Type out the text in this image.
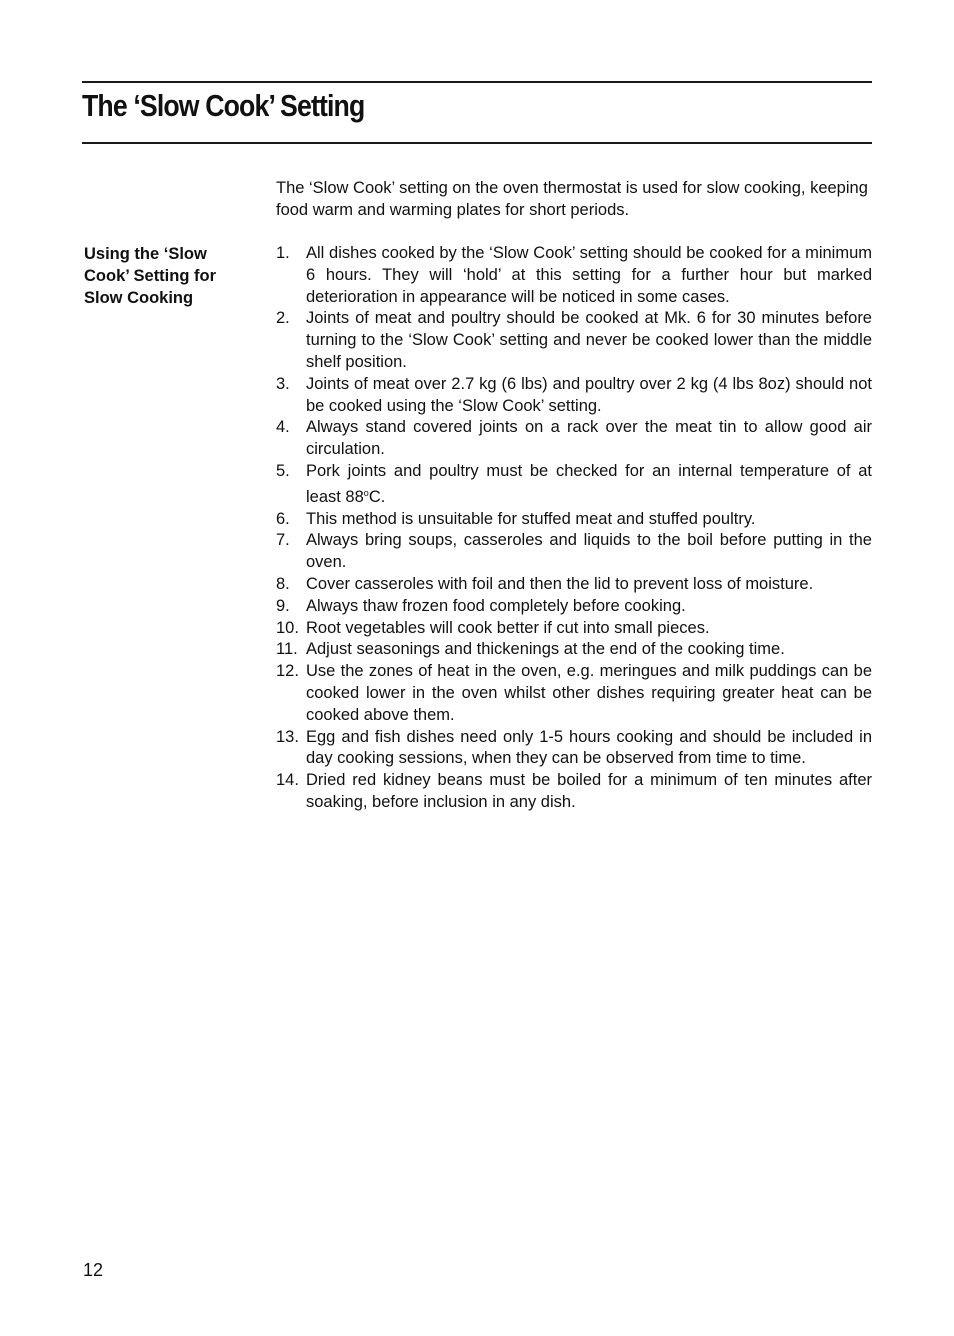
The ‘Slow Cook’ Setting

The ‘Slow Cook’ setting on the oven thermostat is used for slow cooking, keeping food warm and warming plates for short periods.

Using the ‘Slow Cook’ Setting for Slow Cooking

1. All dishes cooked by the ‘Slow Cook’ setting should be cooked for a minimum 6 hours. They will ‘hold’ at this setting for a further hour but marked deterioration in appearance will be noticed in some cases.
2. Joints of meat and poultry should be cooked at Mk. 6 for 30 minutes before turning to the ‘Slow Cook’ setting and never be cooked lower than the middle shelf position.
3. Joints of meat over 2.7 kg (6 lbs) and poultry over 2 kg (4 lbs 8oz) should not be cooked using the ‘Slow Cook’ setting.
4. Always stand covered joints on a rack over the meat tin to allow good air circulation.
5. Pork joints and poultry must be checked for an internal temperature of at least 88$^o$C.
6. This method is unsuitable for stuffed meat and stuffed poultry.
7. Always bring soups, casseroles and liquids to the boil before putting in the oven.
8. Cover casseroles with foil and then the lid to prevent loss of moisture.
9. Always thaw frozen food completely before cooking.
10. Root vegetables will cook better if cut into small pieces.
11. Adjust seasonings and thickenings at the end of the cooking time.
12. Use the zones of heat in the oven, e.g. meringues and milk puddings can be cooked lower in the oven whilst other dishes requiring greater heat can be cooked above them.
13. Egg and fish dishes need only 1-5 hours cooking and should be included in day cooking sessions, when they can be observed from time to time.
14. Dried red kidney beans must be boiled for a minimum of ten minutes after soaking, before inclusion in any dish.
12
